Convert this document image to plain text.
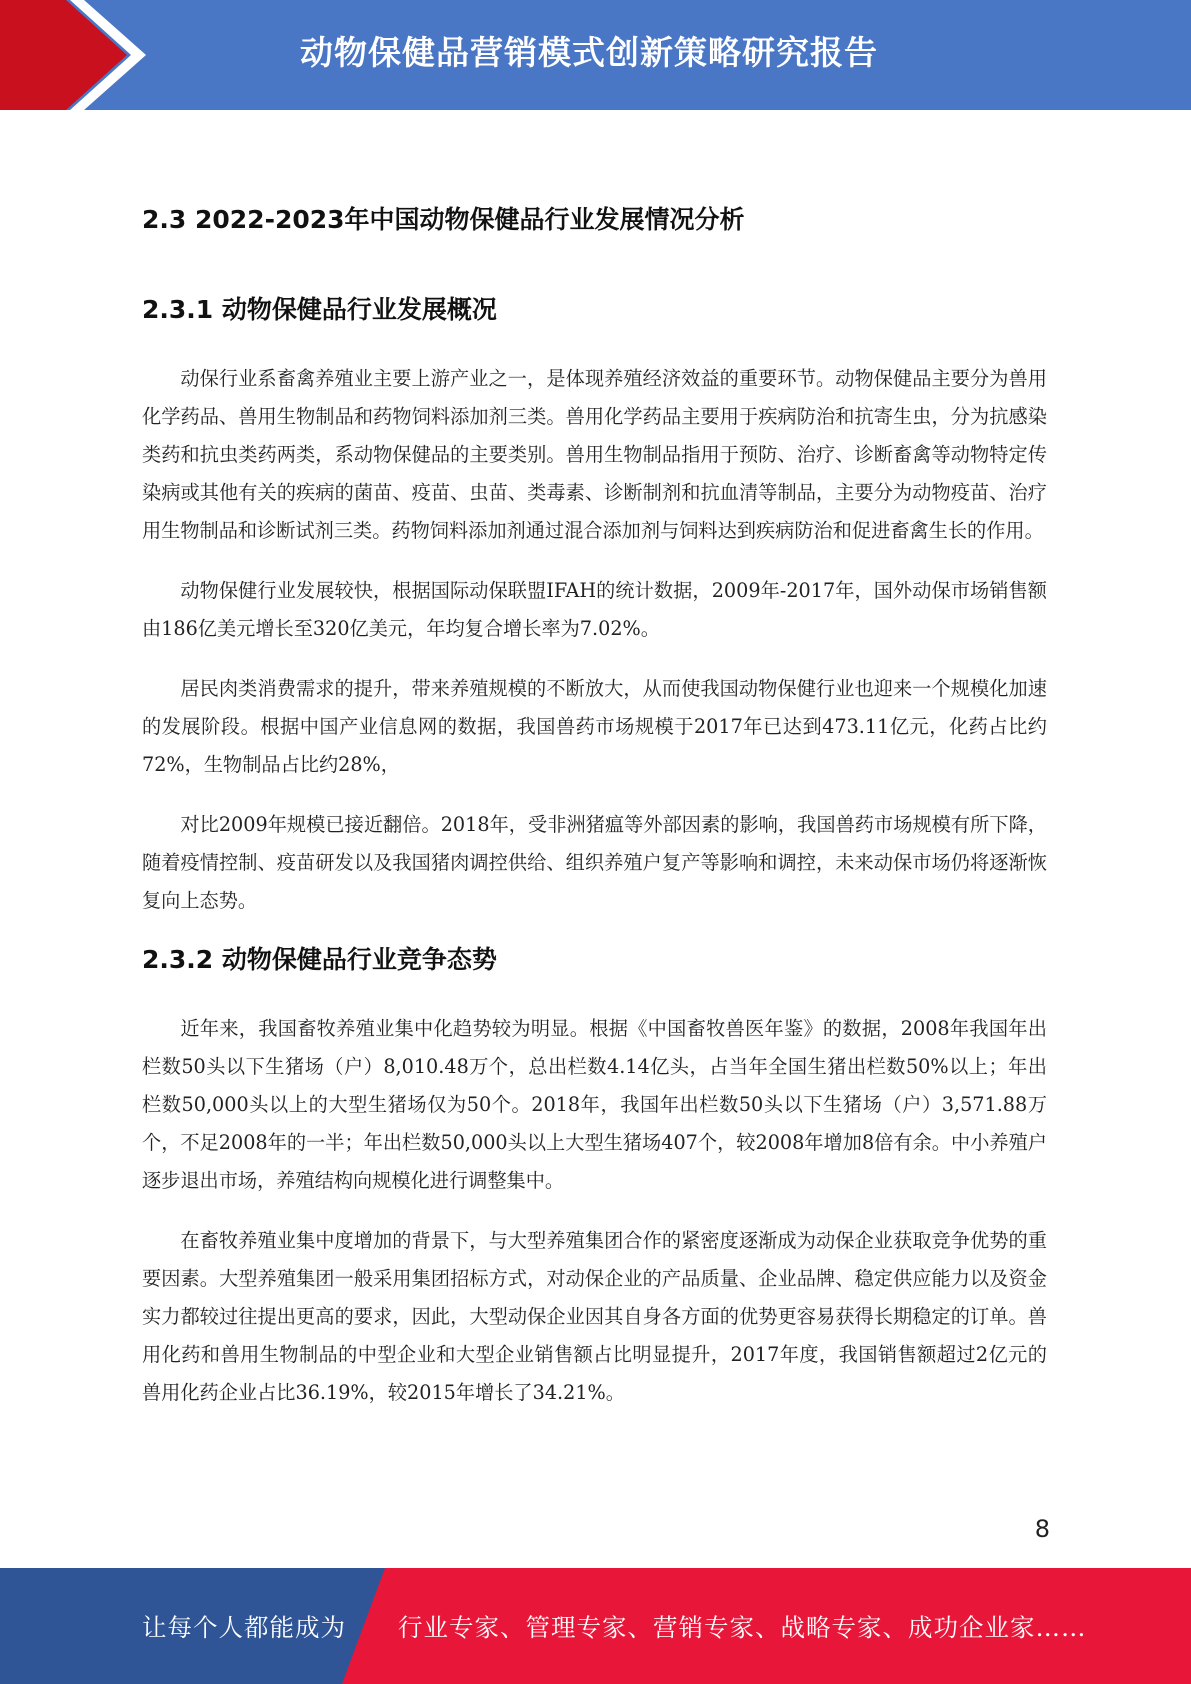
动物保健品营销模式创新策略研究报告
2.3 2022-2023年中国动物保健品行业发展情况分析
2.3.1 动物保健品行业发展概况

动保行业系畜禽养殖业主要上游产业之一，是体现养殖经济效益的重要环节。动物保健品主要分为兽用化学药品、兽用生物制品和药物饲料添加剂三类。兽用化学药品主要用于疾病防治和抗寄生虫，分为抗感染类药和抗虫类药两类，系动物保健品的主要类别。兽用生物制品指用于预防、治疗、诊断畜禽等动物特定传染病或其他有关的疾病的菌苗、疫苗、虫苗、类毒素、诊断制剂和抗血清等制品，主要分为动物疫苗、治疗用生物制品和诊断试剂三类。药物饲料添加剂通过混合添加剂与饲料达到疾病防治和促进畜禽生长的作用。

动物保健行业发展较快，根据国际动保联盟IFAH的统计数据，2009年-2017年，国外动保市场销售额由186亿美元增长至320亿美元，年均复合增长率为7.02%。

居民肉类消费需求的提升，带来养殖规模的不断放大，从而使我国动物保健行业也迎来一个规模化加速的发展阶段。根据中国产业信息网的数据，我国兽药市场规模于2017年已达到473.11亿元，化药占比约72%，生物制品占比约28%，

对比2009年规模已接近翻倍。2018年，受非洲猪瘟等外部因素的影响，我国兽药市场规模有所下降，随着疫情控制、疫苗研发以及我国猪肉调控供给、组织养殖户复产等影响和调控，未来动保市场仍将逐渐恢复向上态势。

2.3.2 动物保健品行业竞争态势

近年来，我国畜牧养殖业集中化趋势较为明显。根据《中国畜牧兽医年鉴》的数据，2008年我国年出栏数50头以下生猪场（户）8,010.48万个，总出栏数4.14亿头，占当年全国生猪出栏数50%以上；年出栏数50,000头以上的大型生猪场仅为50个。2018年，我国年出栏数50头以下生猪场（户）3,571.88万个，不足2008年的一半；年出栏数50,000头以上大型生猪场407个，较2008年增加8倍有余。中小养殖户逐步退出市场，养殖结构向规模化进行调整集中。

在畜牧养殖业集中度增加的背景下，与大型养殖集团合作的紧密度逐渐成为动保企业获取竞争优势的重要因素。大型养殖集团一般采用集团招标方式，对动保企业的产品质量、企业品牌、稳定供应能力以及资金实力都较过往提出更高的要求，因此，大型动保企业因其自身各方面的优势更容易获得长期稳定的订单。兽用化药和兽用生物制品的中型企业和大型企业销售额占比明显提升，2017年度，我国销售额超过2亿元的兽用化药企业占比36.19%，较2015年增长了34.21%。

8
让每个人都能成为 行业专家、管理专家、营销专家、战略专家、成功企业家……
